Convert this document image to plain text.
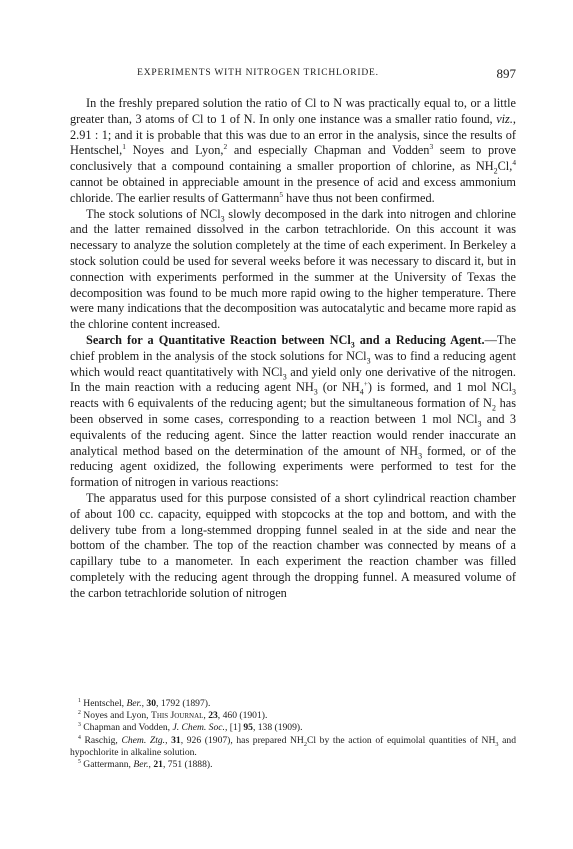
EXPERIMENTS WITH NITROGEN TRICHLORIDE.	897

In the freshly prepared solution the ratio of Cl to N was practically equal to, or a little greater than, 3 atoms of Cl to 1 of N. In only one instance was a smaller ratio found, viz., 2.91 : 1; and it is probable that this was due to an error in the analysis, since the results of Hentschel,$^1$ Noyes and Lyon,$^2$ and especially Chapman and Vodden$^3$ seem to prove conclusively that a compound containing a smaller proportion of chlorine, as $NH_2Cl,^4$ cannot be obtained in appreciable amount in the presence of acid and excess ammonium chloride. The earlier results of Gattermann$^5$ have thus not been confirmed.

The stock solutions of NCl$_3$ slowly decomposed in the dark into nitrogen and chlorine and the latter remained dissolved in the carbon tetrachloride. On this account it was necessary to analyze the solution completely at the time of each experiment. In Berkeley a stock solution could be used for several weeks before it was necessary to discard it, but in connection with experiments performed in the summer at the University of Texas the decomposition was found to be much more rapid owing to the higher temperature. There were many indications that the decomposition was autocatalytic and became more rapid as the chlorine content increased.

Search for a Quantitative Reaction between NCl$_3$ and a Reducing Agent.—The chief problem in the analysis of the stock solutions for NCl$_3$ was to find a reducing agent which would react quantitatively with NCl$_3$ and yield only one derivative of the nitrogen. In the main reaction with a reducing agent $NH_3$ (or $NH_4^+$) is formed, and 1 mol NCl$_3$ reacts with 6 equivalents of the reducing agent; but the simultaneous formation of $N_2$ has been observed in some cases, corresponding to a reaction between 1 mol NCl$_3$ and 3 equivalents of the reducing agent. Since the latter reaction would render inaccurate an analytical method based on the determination of the amount of $NH_3$ formed, or of the reducing agent oxidized, the following experiments were performed to test for the formation of nitrogen in various reactions:

The apparatus used for this purpose consisted of a short cylindrical reaction chamber of about 100 cc. capacity, equipped with stopcocks at the top and bottom, and with the delivery tube from a long-stemmed dropping funnel sealed in at the side and near the bottom of the chamber. The top of the reaction chamber was connected by means of a capillary tube to a manometer. In each experiment the reaction chamber was filled completely with the reducing agent through the dropping funnel. A measured volume of the carbon tetrachloride solution of nitrogen

$^1$ Hentschel, Ber., 30, 1792 (1897).

$^2$ Noyes and Lyon, This Journal, 23, 460 (1901).

$^3$ Chapman and Vodden, J. Chem. Soc., [1] 95, 138 (1909).

$^4$ Raschig, Chem. Ztg., 31, 926 (1907), has prepared $NH_2Cl$ by the action of equimolal quantities of $NH_3$ and hypochlorite in alkaline solution.

$^5$ Gattermann, Ber., 21, 751 (1888).
